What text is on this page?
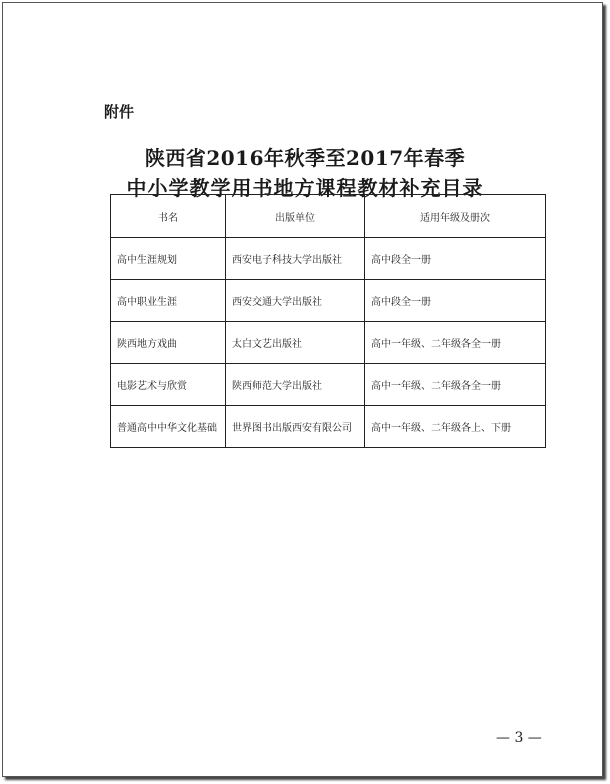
附件
陕西省2016年秋季至2017年春季
中小学教学用书地方课程教材补充目录
书名	出版单位	适用年级及册次
高中生涯规划	西安电子科技大学出版社	高中段全一册
高中职业生涯	西安交通大学出版社	高中段全一册
陕西地方戏曲	太白文艺出版社	高中一年级、二年级各全一册
电影艺术与欣赏	陕西师范大学出版社	高中一年级、二年级各全一册
普通高中中华文化基础	世界图书出版西安有限公司	高中一年级、二年级各上、下册
— 3 —
